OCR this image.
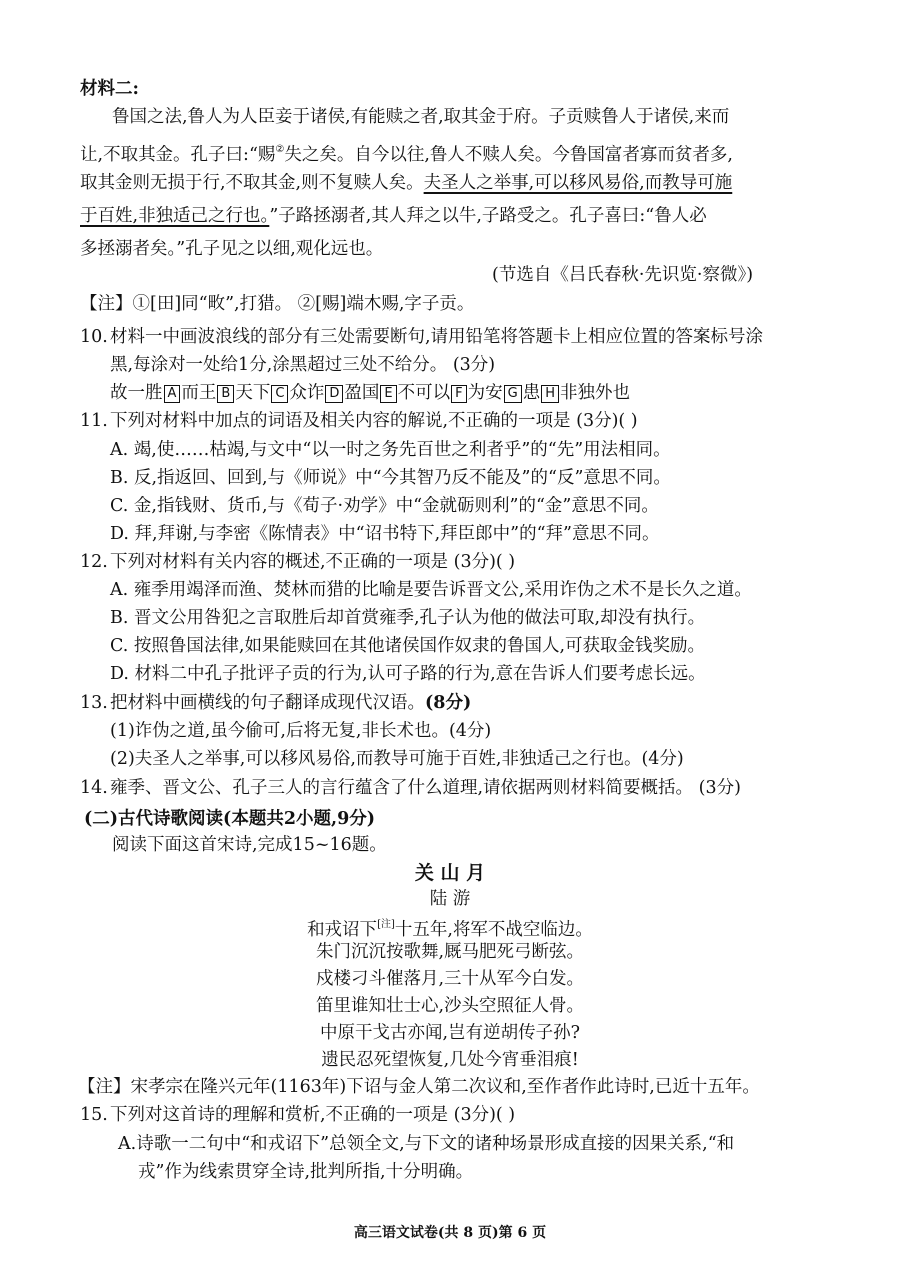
材料二:
鲁国之法,鲁人为人臣妾于诸侯,有能赎之者,取其金于府。子贡赎鲁人于诸侯,来而
让,不取其金。孔子曰:“赐②失之矣。自今以往,鲁人不赎人矣。今鲁国富者寡而贫者多,
取其金则无损于行,不取其金,则不复赎人矣。夫圣人之举事,可以移风易俗,而教导可施
于百姓,非独适己之行也。”子路拯溺者,其人拜之以牛,子路受之。孔子喜曰:“鲁人必
多拯溺者矣。”孔子见之以细,观化远也。
(节选自《吕氏春秋·先识览·察微》)
【注】①[田]同“畋”,打猎。 ②[赐]端木赐,字子贡。
10. 材料一中画波浪线的部分有三处需要断句,请用铅笔将答题卡上相应位置的答案标号涂
黑,每涂对一处给1分,涂黑超过三处不给分。 (3分)
故一胜 A 而王 B 天下 C 众诈 D 盈国 E 不可以 F 为安 G 患 H 非独外也
11. 下列对材料中加点的词语及相关内容的解说,不正确的一项是 (3分)( )
A. 竭,使……枯竭,与文中“以一时之务先百世之利者乎”的“先”用法相同。
B. 反,指返回、回到,与《师说》中“今其智乃反不能及”的“反”意思不同。
C. 金,指钱财、货币,与《荀子·劝学》中“金就砺则利”的“金”意思不同。
D. 拜,拜谢,与李密《陈情表》中“诏书特下,拜臣郎中”的“拜”意思不同。
12. 下列对材料有关内容的概述,不正确的一项是 (3分)( )
A. 雍季用竭泽而渔、焚林而猎的比喻是要告诉晋文公,采用诈伪之术不是长久之道。
B. 晋文公用咎犯之言取胜后却首赏雍季,孔子认为他的做法可取,却没有执行。
C. 按照鲁国法律,如果能赎回在其他诸侯国作奴隶的鲁国人,可获取金钱奖励。
D. 材料二中孔子批评子贡的行为,认可子路的行为,意在告诉人们要考虑长远。
13. 把材料中画横线的句子翻译成现代汉语。(8分)
(1)诈伪之道,虽今偷可,后将无复,非长术也。(4分)
(2)夫圣人之举事,可以移风易俗,而教导可施于百姓,非独适己之行也。(4分)
14. 雍季、晋文公、孔子三人的言行蕴含了什么道理,请依据两则材料简要概括。 (3分)
(二)古代诗歌阅读(本题共2小题,9分)
阅读下面这首宋诗,完成15~16题。
关 山 月
陆 游
和戎诏下[注]十五年,将军不战空临边。
朱门沉沉按歌舞,厩马肥死弓断弦。
戍楼刁斗催落月,三十从军今白发。
笛里谁知壮士心,沙头空照征人骨。
中原干戈古亦闻,岂有逆胡传子孙?
遗民忍死望恢复,几处今宵垂泪痕!
【注】宋孝宗在隆兴元年(1163年)下诏与金人第二次议和,至作者作此诗时,已近十五年。
15. 下列对这首诗的理解和赏析,不正确的一项是 (3分)( )
A.诗歌一二句中“和戎诏下”总领全文,与下文的诸种场景形成直接的因果关系,“和
戎”作为线索贯穿全诗,批判所指,十分明确。
高三语文试卷(共 8 页)第 6 页
